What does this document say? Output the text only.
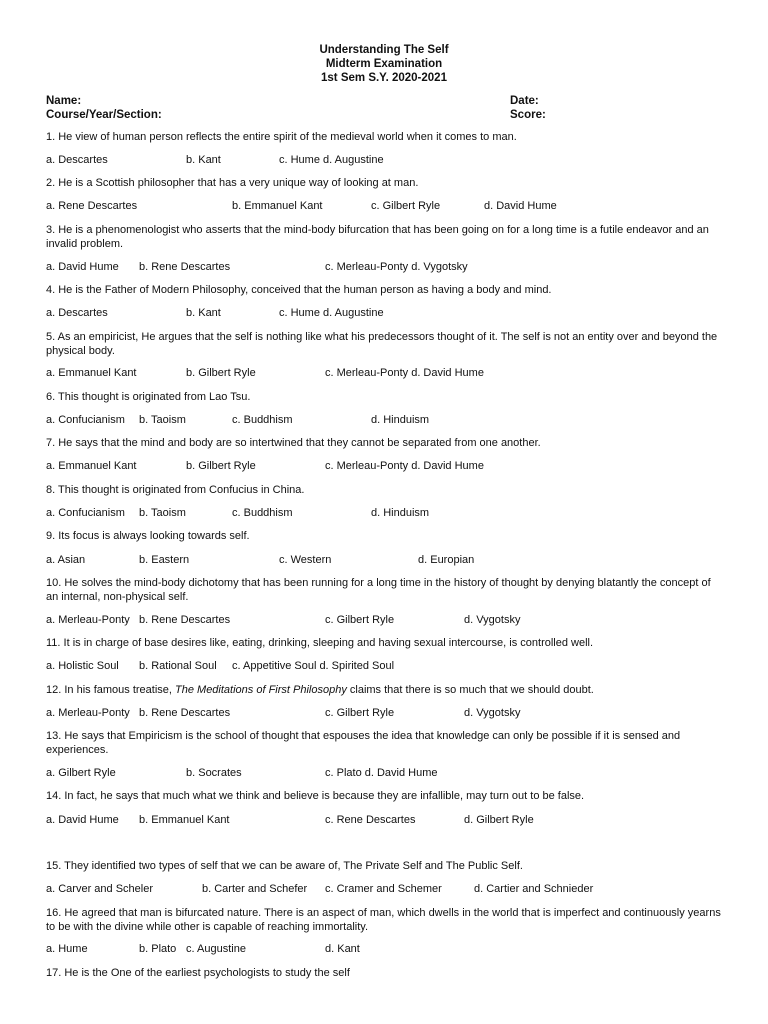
Understanding The Self
Midterm Examination
1st Sem S.Y. 2020-2021
Name:	Date:
Course/Year/Section:	Score:
1. He view of human person reflects the entire spirit of the medieval world when it comes to man.
a. Descartes	b. Kant	c. Hume d. Augustine
2. He is a Scottish philosopher that has a very unique way of looking at man.
a. Rene Descartes	b. Emmanuel Kant	c. Gilbert Ryle	d. David Hume
3. He is a phenomenologist who asserts that the mind-body bifurcation that has been going on for a long time is a futile endeavor and an invalid problem.
a. David Hume b. Rene Descartes	c. Merleau-Ponty d. Vygotsky
4. He is the Father of Modern Philosophy, conceived that the human person as having a body and mind.
a. Descartes	b. Kant	c. Hume d. Augustine
5. As an empiricist, He argues that the self is nothing like what his predecessors thought of it. The self is not an entity over and beyond the physical body.
a. Emmanuel Kant	b. Gilbert Ryle	c. Merleau-Ponty d. David Hume
6. This thought is originated from Lao Tsu.
a. Confucianism b. Taoism	c. Buddhism	d. Hinduism
7. He says that the mind and body are so intertwined that they cannot be separated from one another.
a. Emmanuel Kant	b. Gilbert Ryle	c. Merleau-Ponty d. David Hume
8. This thought is originated from Confucius in China.
a. Confucianism b. Taoism	c. Buddhism	d. Hinduism
9. Its focus is always looking towards self.
a. Asian	b. Eastern	c. Western	d. Europian
10. He solves the mind-body dichotomy that has been running for a long time in the history of thought by denying blatantly the concept of an internal, non-physical self.
a. Merleau-Ponty b. Rene Descartes	c. Gilbert Ryle	d. Vygotsky
11. It is in charge of base desires like, eating, drinking, sleeping and having sexual intercourse, is controlled well.
a. Holistic Soul b. Rational Soul c. Appetitive Soul d. Spirited Soul
12. In his famous treatise, The Meditations of First Philosophy claims that there is so much that we should doubt.
a. Merleau-Ponty b. Rene Descartes	c. Gilbert Ryle	d. Vygotsky
13. He says that Empiricism is the school of thought that espouses the idea that knowledge can only be possible if it is sensed and experiences.
a. Gilbert Ryle	b. Socrates	c. Plato d. David Hume
14. In fact, he says that much what we think and believe is because they are infallible, may turn out to be false.
a. David Hume b. Emmanuel Kant	c. Rene Descartes	d. Gilbert Ryle
15. They identified two types of self that we can be aware of, The Private Self and The Public Self.
a. Carver and Scheler	b. Carter and Schefer c. Cramer and Schemer	d. Cartier and Schnieder
16. He agreed that man is bifurcated nature. There is an aspect of man, which dwells in the world that is imperfect and continuously yearns to be with the divine while other is capable of reaching immortality.
a. Hume	b. Plato c. Augustine	d. Kant
17. He is the One of the earliest psychologists to study the self
